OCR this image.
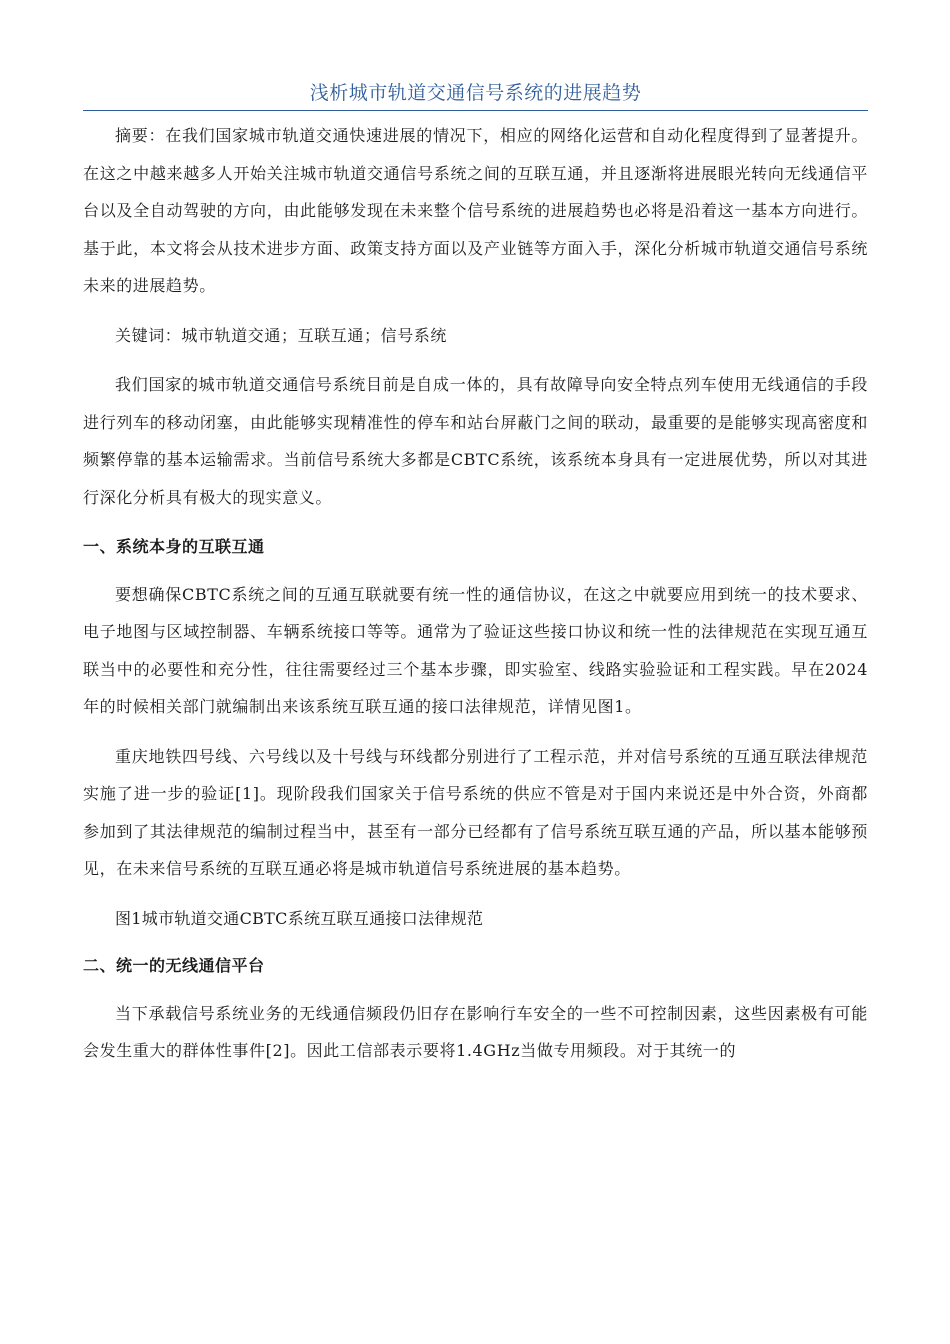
浅析城市轨道交通信号系统的进展趋势

摘要：在我们国家城市轨道交通快速进展的情况下，相应的网络化运营和自动化程度得到了显著提升。在这之中越来越多人开始关注城市轨道交通信号系统之间的互联互通，并且逐渐将进展眼光转向无线通信平台以及全自动驾驶的方向，由此能够发现在未来整个信号系统的进展趋势也必将是沿着这一基本方向进行。基于此，本文将会从技术进步方面、政策支持方面以及产业链等方面入手，深化分析城市轨道交通信号系统未来的进展趋势。

关键词：城市轨道交通；互联互通；信号系统

我们国家的城市轨道交通信号系统目前是自成一体的，具有故障导向安全特点列车使用无线通信的手段进行列车的移动闭塞，由此能够实现精准性的停车和站台屏蔽门之间的联动，最重要的是能够实现高密度和频繁停靠的基本运输需求。当前信号系统大多都是CBTC系统，该系统本身具有一定进展优势，所以对其进行深化分析具有极大的现实意义。

一、系统本身的互联互通

要想确保CBTC系统之间的互通互联就要有统一性的通信协议，在这之中就要应用到统一的技术要求、电子地图与区域控制器、车辆系统接口等等。通常为了验证这些接口协议和统一性的法律规范在实现互通互联当中的必要性和充分性，往往需要经过三个基本步骤，即实验室、线路实验验证和工程实践。早在2024年的时候相关部门就编制出来该系统互联互通的接口法律规范，详情见图1。

重庆地铁四号线、六号线以及十号线与环线都分别进行了工程示范，并对信号系统的互通互联法律规范实施了进一步的验证[1]。现阶段我们国家关于信号系统的供应不管是对于国内来说还是中外合资，外商都参加到了其法律规范的编制过程当中，甚至有一部分已经都有了信号系统互联互通的产品，所以基本能够预见，在未来信号系统的互联互通必将是城市轨道信号系统进展的基本趋势。

图1城市轨道交通CBTC系统互联互通接口法律规范

二、统一的无线通信平台

当下承载信号系统业务的无线通信频段仍旧存在影响行车安全的一些不可控制因素，这些因素极有可能会发生重大的群体性事件[2]。因此工信部表示要将1.4GHz当做专用频段。对于其统一的
